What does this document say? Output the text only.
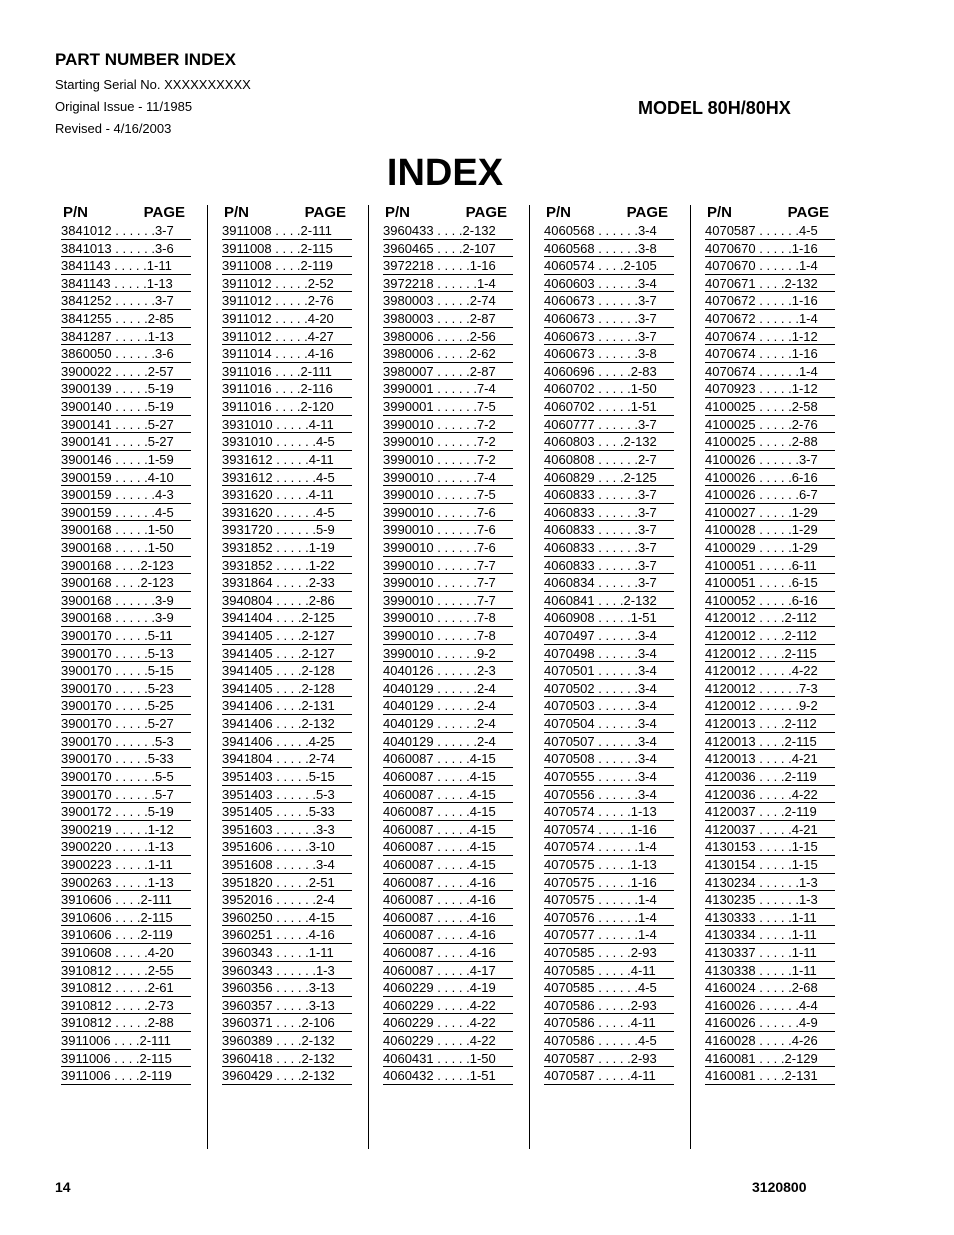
PART NUMBER INDEX
Starting Serial No. XXXXXXXXXX
Original Issue - 11/1985
Revised - 4/16/2003
MODEL 80H/80HX
INDEX
P/N	PAGE
3841012 . . . . . .3-7
3841013 . . . . . .3-6
3841143 . . . . .1-11
3841143 . . . . .1-13
3841252 . . . . . .3-7
3841255 . . . . .2-85
3841287 . . . . .1-13
3860050 . . . . . .3-6
3900022 . . . . .2-57
3900139 . . . . .5-19
3900140 . . . . .5-19
3900141 . . . . .5-27
3900141 . . . . .5-27
3900146 . . . . .1-59
3900159 . . . . .4-10
3900159 . . . . . .4-3
3900159 . . . . . .4-5
3900168 . . . . .1-50
3900168 . . . . .1-50
3900168 . . . .2-123
3900168 . . . .2-123
3900168 . . . . . .3-9
3900168 . . . . . .3-9
3900170 . . . . .5-11
3900170 . . . . .5-13
3900170 . . . . .5-15
3900170 . . . . .5-23
3900170 . . . . .5-25
3900170 . . . . .5-27
3900170 . . . . . .5-3
3900170 . . . . .5-33
3900170 . . . . . .5-5
3900170 . . . . . .5-7
3900172 . . . . .5-19
3900219 . . . . .1-12
3900220 . . . . .1-13
3900223 . . . . .1-11
3900263 . . . . .1-13
3910606 . . . .2-111
3910606 . . . .2-115
3910606 . . . .2-119
3910608 . . . . .4-20
3910812 . . . . .2-55
3910812 . . . . .2-61
3910812 . . . . .2-73
3910812 . . . . .2-88
3911006 . . . .2-111
3911006 . . . .2-115
3911006 . . . .2-119
P/N	PAGE
3911008 . . . .2-111
3911008 . . . .2-115
3911008 . . . .2-119
3911012 . . . . .2-52
3911012 . . . . .2-76
3911012 . . . . .4-20
3911012 . . . . .4-27
3911014 . . . . .4-16
3911016 . . . .2-111
3911016 . . . .2-116
3911016 . . . .2-120
3931010 . . . . .4-11
3931010 . . . . . .4-5
3931612 . . . . .4-11
3931612 . . . . . .4-5
3931620 . . . . .4-11
3931620 . . . . . .4-5
3931720 . . . . . .5-9
3931852 . . . . .1-19
3931852 . . . . .1-22
3931864 . . . . .2-33
3940804 . . . . .2-86
3941404 . . . .2-125
3941405 . . . .2-127
3941405 . . . .2-127
3941405 . . . .2-128
3941405 . . . .2-128
3941406 . . . .2-131
3941406 . . . .2-132
3941406 . . . . .4-25
3941804 . . . . .2-74
3951403 . . . . .5-15
3951403 . . . . . .5-3
3951405 . . . . .5-33
3951603 . . . . . .3-3
3951606 . . . . .3-10
3951608 . . . . . .3-4
3951820 . . . . .2-51
3952016 . . . . . .2-4
3960250 . . . . .4-15
3960251 . . . . .4-16
3960343 . . . . .1-11
3960343 . . . . . .1-3
3960356 . . . . .3-13
3960357 . . . . .3-13
3960371 . . . .2-106
3960389 . . . .2-132
3960418 . . . .2-132
3960429 . . . .2-132
P/N	PAGE
3960433 . . . .2-132
3960465 . . . .2-107
3972218 . . . . .1-16
3972218 . . . . . .1-4
3980003 . . . . .2-74
3980003 . . . . .2-87
3980006 . . . . .2-56
3980006 . . . . .2-62
3980007 . . . . .2-87
3990001 . . . . . .7-4
3990001 . . . . . .7-5
3990010 . . . . . .7-2
3990010 . . . . . .7-2
3990010 . . . . . .7-2
3990010 . . . . . .7-4
3990010 . . . . . .7-5
3990010 . . . . . .7-6
3990010 . . . . . .7-6
3990010 . . . . . .7-6
3990010 . . . . . .7-7
3990010 . . . . . .7-7
3990010 . . . . . .7-7
3990010 . . . . . .7-8
3990010 . . . . . .7-8
3990010 . . . . . .9-2
4040126 . . . . . .2-3
4040129 . . . . . .2-4
4040129 . . . . . .2-4
4040129 . . . . . .2-4
4040129 . . . . . .2-4
4060087 . . . . .4-15
4060087 . . . . .4-15
4060087 . . . . .4-15
4060087 . . . . .4-15
4060087 . . . . .4-15
4060087 . . . . .4-15
4060087 . . . . .4-15
4060087 . . . . .4-16
4060087 . . . . .4-16
4060087 . . . . .4-16
4060087 . . . . .4-16
4060087 . . . . .4-16
4060087 . . . . .4-17
4060229 . . . . .4-19
4060229 . . . . .4-22
4060229 . . . . .4-22
4060229 . . . . .4-22
4060431 . . . . .1-50
4060432 . . . . .1-51
P/N	PAGE
4060568 . . . . . .3-4
4060568 . . . . . .3-8
4060574 . . . .2-105
4060603 . . . . . .3-4
4060673 . . . . . .3-7
4060673 . . . . . .3-7
4060673 . . . . . .3-7
4060673 . . . . . .3-8
4060696 . . . . .2-83
4060702 . . . . .1-50
4060702 . . . . .1-51
4060777 . . . . . .3-7
4060803 . . . .2-132
4060808 . . . . . .2-7
4060829 . . . .2-125
4060833 . . . . . .3-7
4060833 . . . . . .3-7
4060833 . . . . . .3-7
4060833 . . . . . .3-7
4060833 . . . . . .3-7
4060834 . . . . . .3-7
4060841 . . . .2-132
4060908 . . . . .1-51
4070497 . . . . . .3-4
4070498 . . . . . .3-4
4070501 . . . . . .3-4
4070502 . . . . . .3-4
4070503 . . . . . .3-4
4070504 . . . . . .3-4
4070507 . . . . . .3-4
4070508 . . . . . .3-4
4070555 . . . . . .3-4
4070556 . . . . . .3-4
4070574 . . . . .1-13
4070574 . . . . .1-16
4070574 . . . . . .1-4
4070575 . . . . .1-13
4070575 . . . . .1-16
4070575 . . . . . .1-4
4070576 . . . . . .1-4
4070577 . . . . . .1-4
4070585 . . . . .2-93
4070585 . . . . .4-11
4070585 . . . . . .4-5
4070586 . . . . .2-93
4070586 . . . . .4-11
4070586 . . . . . .4-5
4070587 . . . . .2-93
4070587 . . . . .4-11
P/N	PAGE
4070587 . . . . . .4-5
4070670 . . . . .1-16
4070670 . . . . . .1-4
4070671 . . . .2-132
4070672 . . . . .1-16
4070672 . . . . . .1-4
4070674 . . . . .1-12
4070674 . . . . .1-16
4070674 . . . . . .1-4
4070923 . . . . .1-12
4100025 . . . . .2-58
4100025 . . . . .2-76
4100025 . . . . .2-88
4100026 . . . . . .3-7
4100026 . . . . .6-16
4100026 . . . . . .6-7
4100027 . . . . .1-29
4100028 . . . . .1-29
4100029 . . . . .1-29
4100051 . . . . .6-11
4100051 . . . . .6-15
4100052 . . . . .6-16
4120012 . . . .2-112
4120012 . . . .2-112
4120012 . . . .2-115
4120012 . . . . .4-22
4120012 . . . . . .7-3
4120012 . . . . . .9-2
4120013 . . . .2-112
4120013 . . . .2-115
4120013 . . . . .4-21
4120036 . . . .2-119
4120036 . . . . .4-22
4120037 . . . .2-119
4120037 . . . . .4-21
4130153 . . . . .1-15
4130154 . . . . .1-15
4130234 . . . . . .1-3
4130235 . . . . . .1-3
4130333 . . . . .1-11
4130334 . . . . .1-11
4130337 . . . . .1-11
4130338 . . . . .1-11
4160024 . . . . .2-68
4160026 . . . . . .4-4
4160026 . . . . . .4-9
4160028 . . . . .4-26
4160081 . . . .2-129
4160081 . . . .2-131
14	3120800
